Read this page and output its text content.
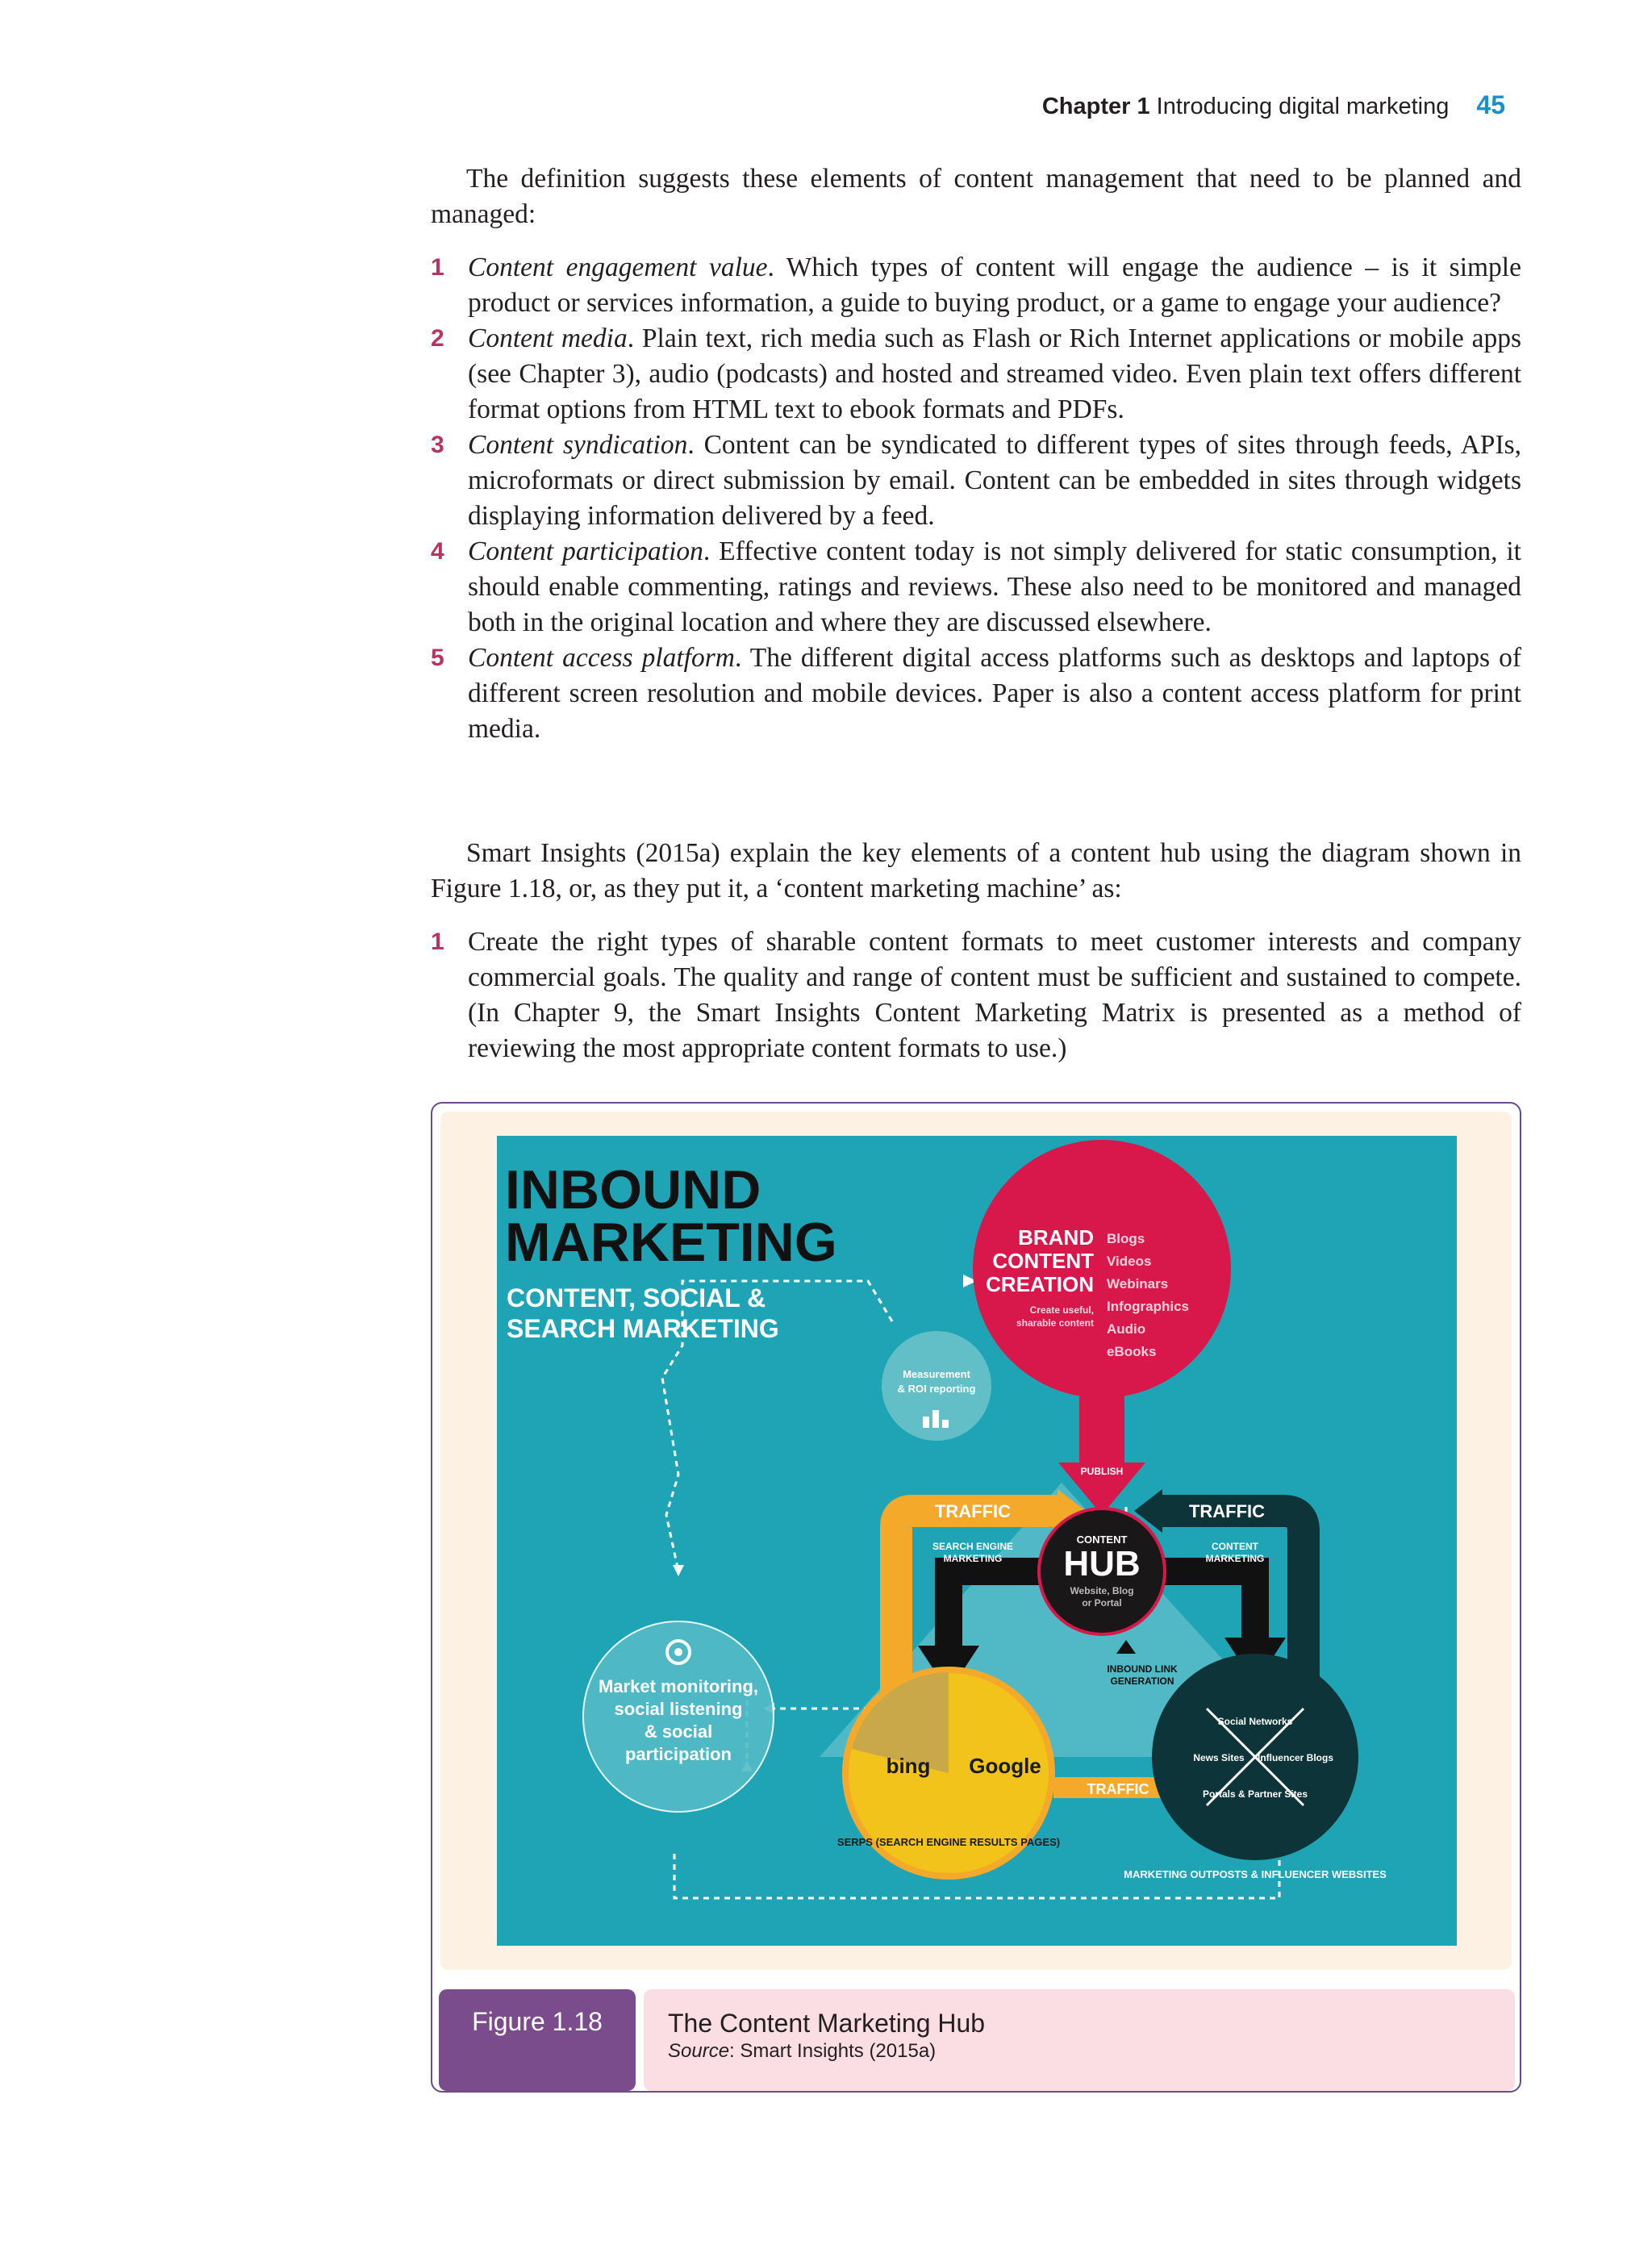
Chapter 1 Introducing digital marketing 45
The definition suggests these elements of content management that need to be planned and managed:
1 Content engagement value. Which types of content will engage the audience – is it simple product or services information, a guide to buying product, or a game to engage your audience?
2 Content media. Plain text, rich media such as Flash or Rich Internet applications or mobile apps (see Chapter 3), audio (podcasts) and hosted and streamed video. Even plain text offers different format options from HTML text to ebook formats and PDFs.
3 Content syndication. Content can be syndicated to different types of sites through feeds, APIs, microformats or direct submission by email. Content can be embedded in sites through widgets displaying information delivered by a feed.
4 Content participation. Effective content today is not simply delivered for static consumption, it should enable commenting, ratings and reviews. These also need to be monitored and managed both in the original location and where they are discussed elsewhere.
5 Content access platform. The different digital access platforms such as desktops and laptops of different screen resolution and mobile devices. Paper is also a content access platform for print media.
Smart Insights (2015a) explain the key elements of a content hub using the diagram shown in Figure 1.18, or, as they put it, a ‘content marketing machine’ as:
1 Create the right types of sharable content formats to meet customer interests and company commercial goals. The quality and range of content must be sufficient and sustained to compete. (In Chapter 9, the Smart Insights Content Marketing Matrix is presented as a method of reviewing the most appropriate content formats to use.)
Figure 1.18	The Content Marketing Hub
Source: Smart Insights (2015a)
INBOUND
MARKETING
CONTENT, SOCIAL &
SEARCH MARKETING
BRAND
CONTENT
CREATION
Create useful,
sharable content
Blogs
Videos
Webinars
Infographics
Audio
eBooks
PUBLISH
Measurement
& ROI reporting
TRAFFIC	TRAFFIC
SEARCH ENGINE
MARKETING
CONTENT
MARKETING
CONTENT
HUB
Website, Blog
or Portal
INBOUND LINK
GENERATION
Market monitoring,
social listening
& social
participation	bing Google
SERPS (SEARCH ENGINE RESULTS PAGES)
TRAFFIC
Social Networks
News Sites Influencer Blogs
Portals & Partner Sites
MARKETING OUTPOSTS & INFLUENCER WEBSITES
